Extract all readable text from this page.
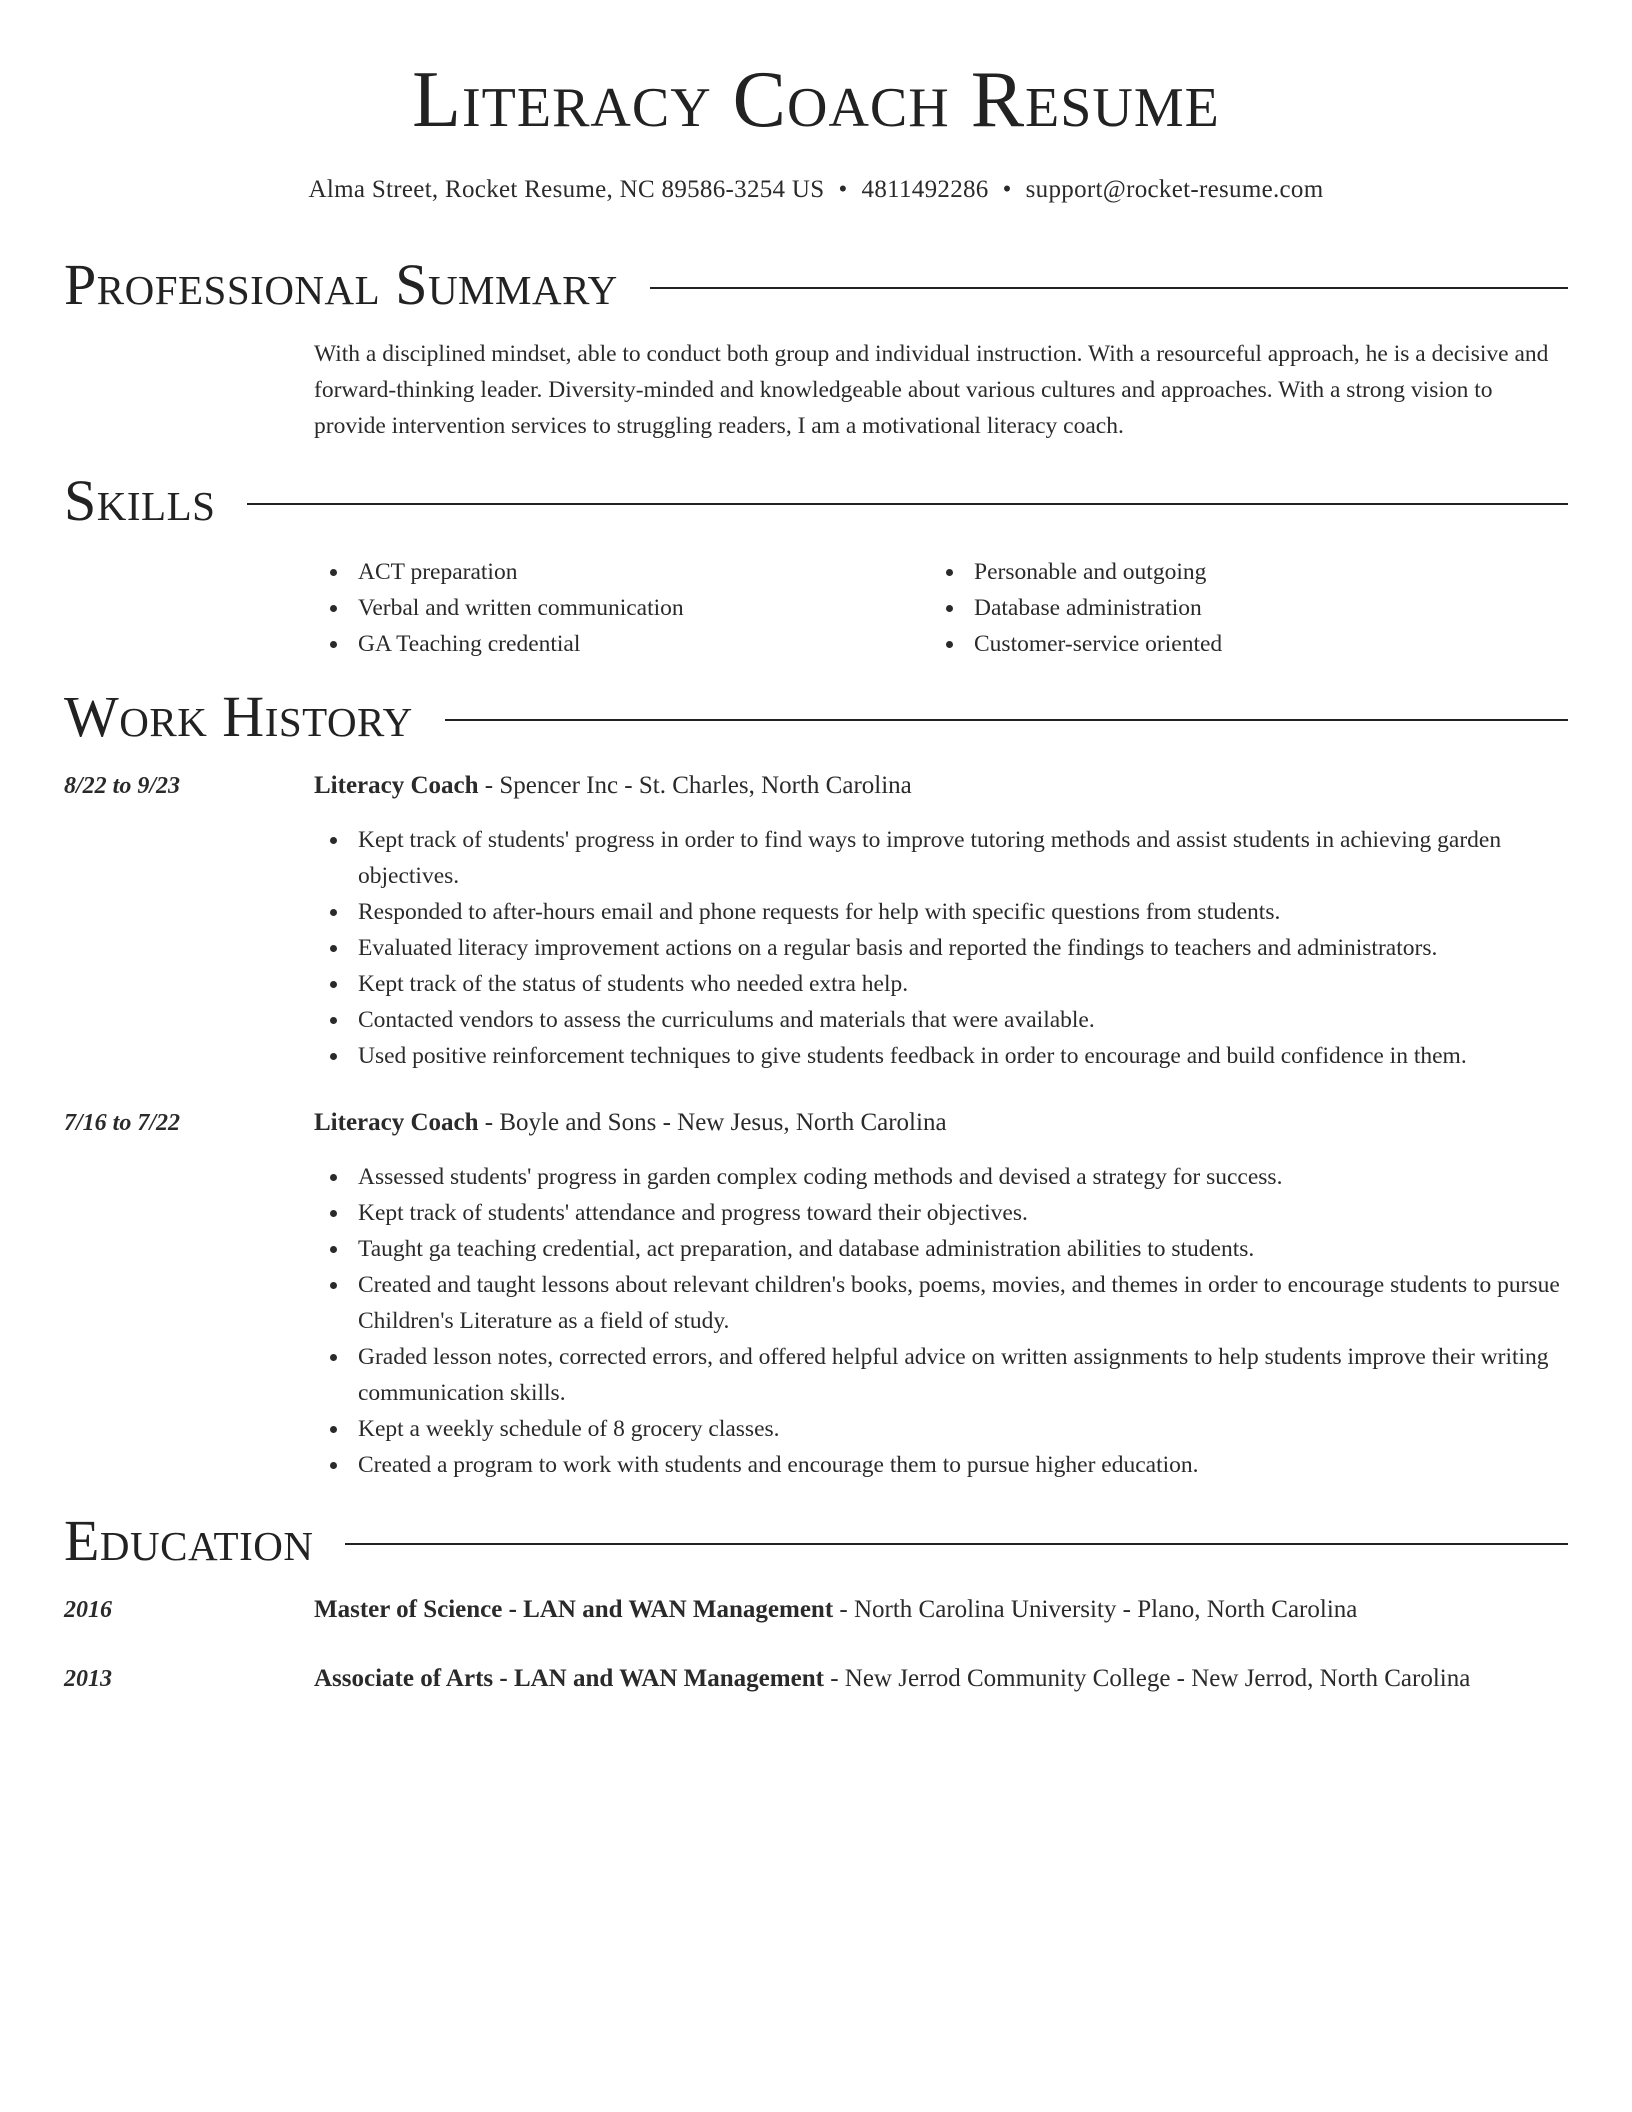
Literacy Coach Resume
Alma Street, Rocket Resume, NC 89586-3254 US • 4811492286 • support@rocket-resume.com
Professional Summary
With a disciplined mindset, able to conduct both group and individual instruction. With a resourceful approach, he is a decisive and forward-thinking leader. Diversity-minded and knowledgeable about various cultures and approaches. With a strong vision to provide intervention services to struggling readers, I am a motivational literacy coach.
Skills
ACT preparation
Verbal and written communication
GA Teaching credential
Personable and outgoing
Database administration
Customer-service oriented
Work History
8/22 to 9/23	Literacy Coach - Spencer Inc - St. Charles, North Carolina
Kept track of students' progress in order to find ways to improve tutoring methods and assist students in achieving garden objectives.
Responded to after-hours email and phone requests for help with specific questions from students.
Evaluated literacy improvement actions on a regular basis and reported the findings to teachers and administrators.
Kept track of the status of students who needed extra help.
Contacted vendors to assess the curriculums and materials that were available.
Used positive reinforcement techniques to give students feedback in order to encourage and build confidence in them.
7/16 to 7/22	Literacy Coach - Boyle and Sons - New Jesus, North Carolina
Assessed students' progress in garden complex coding methods and devised a strategy for success.
Kept track of students' attendance and progress toward their objectives.
Taught ga teaching credential, act preparation, and database administration abilities to students.
Created and taught lessons about relevant children's books, poems, movies, and themes in order to encourage students to pursue Children's Literature as a field of study.
Graded lesson notes, corrected errors, and offered helpful advice on written assignments to help students improve their writing communication skills.
Kept a weekly schedule of 8 grocery classes.
Created a program to work with students and encourage them to pursue higher education.
Education
2016	Master of Science - LAN and WAN Management - North Carolina University - Plano, North Carolina
2013	Associate of Arts - LAN and WAN Management - New Jerrod Community College - New Jerrod, North Carolina
